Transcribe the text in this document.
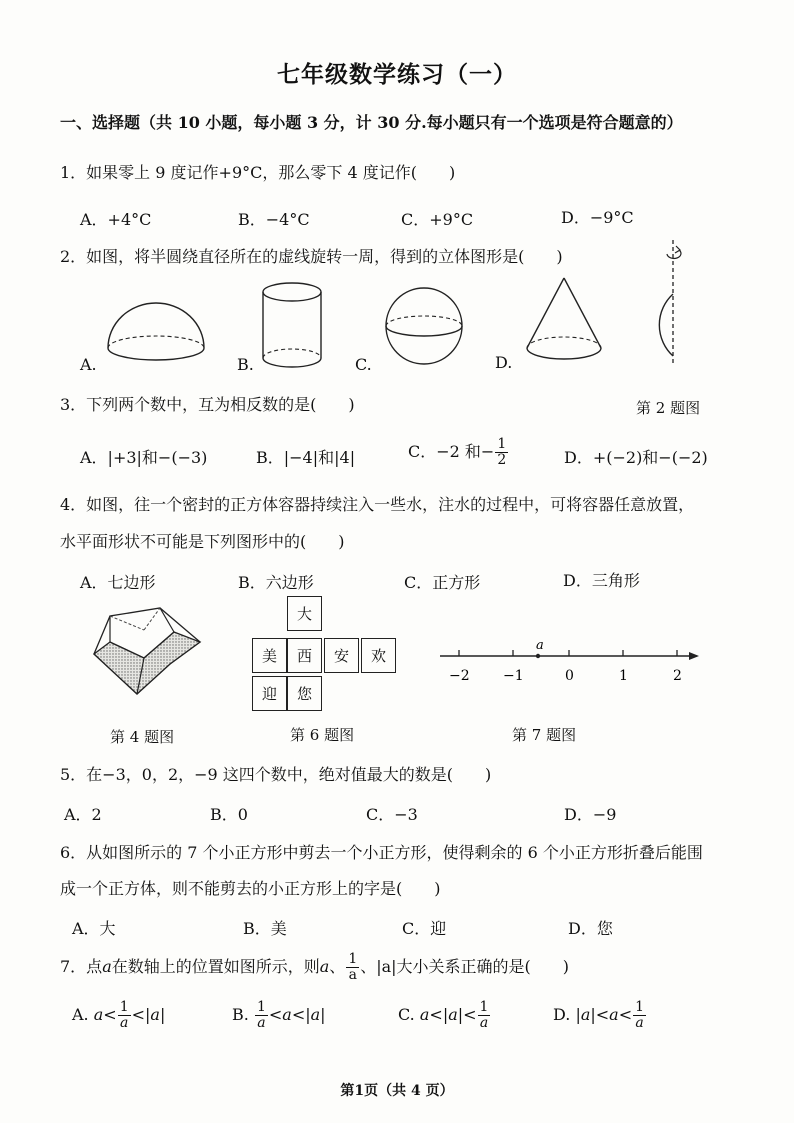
七年级数学练习（一）
一、选择题（共 10 小题，每小题 3 分，计 30 分.每小题只有一个选项是符合题意的）
1．如果零上 9 度记作+9°C，那么零下 4 度记作(　　)
A．+4°C	B．−4°C	C．+9°C	D．−9°C
2．如图，将半圆绕直径所在的虚线旋转一周，得到的立体图形是(　　)
A.	B.	C.	D.
第 2 题图
3．下列两个数中，互为相反数的是(　　)
A．|+3|和−(−3)	B．|−4|和|4|	C．−2 和− $\frac{1}{2}$	D．+(−2)和−(−2)
4．如图，往一个密封的正方体容器持续注入一些水，注水的过程中，可将容器任意放置，
水平面形状不可能是下列图形中的(　　)
A．七边形	B．六边形	C．正方形	D．三角形
第 4 题图
大
美	西	安	欢
迎	您
第 6 题图
a
−2 −1	0	1	2
第 7 题图
5．在−3，0，2，−9 这四个数中，绝对值最大的数是(　　)
A．2	B．0	C．−3	D．−9
6．从如图所示的 7 个小正方形中剪去一个小正方形，使得剩余的 6 个小正方形折叠后能围
成一个正方体，则不能剪去的小正方形上的字是(　　)
A．大	B．美	C．迎	D．您
7．点a在数轴上的位置如图所示，则a、 $\frac{1}{a}$ 、|a|大小关系正确的是(　　)
A. $a< \frac{1}{a} <|a|$	B. $\frac{1}{a} <a<|a|$	C. $a<|a|< \frac{1}{a}$	D. $|a|<a< \frac{1}{a}$
第1页（共 4 页）
